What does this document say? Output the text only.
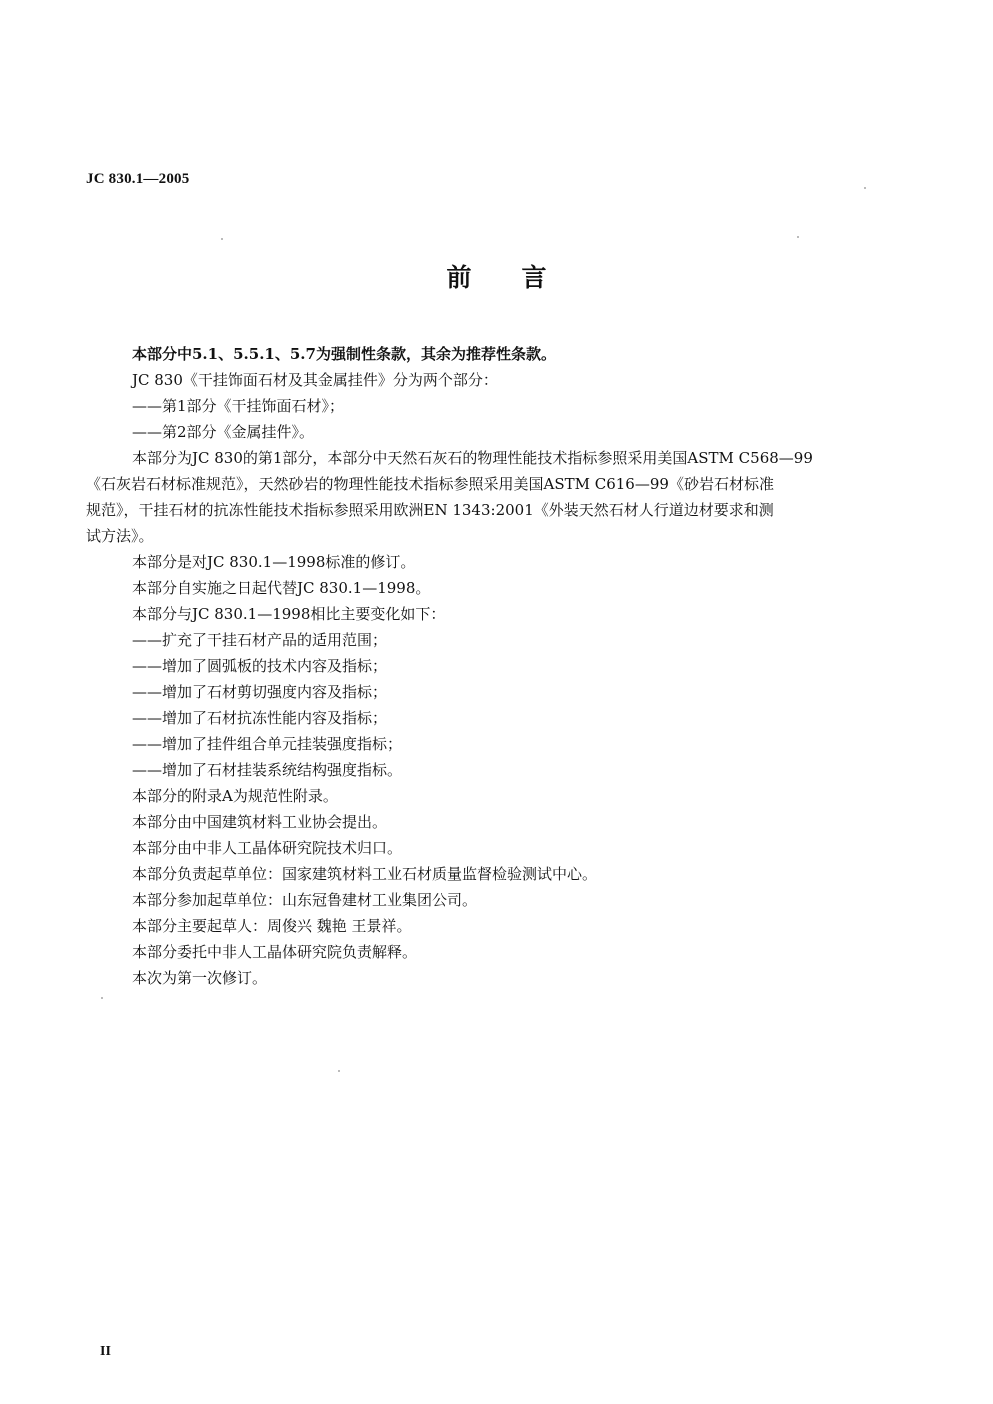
JC 830.1—2005
前言

本部分中5.1、5.5.1、5.7为强制性条款，其余为推荐性条款。

JC 830《干挂饰面石材及其金属挂件》分为两个部分：

——第1部分《干挂饰面石材》；

——第2部分《金属挂件》。

本部分为JC 830的第1部分，本部分中天然石灰石的物理性能技术指标参照采用美国ASTM C568—99
《石灰岩石材标准规范》，天然砂岩的物理性能技术指标参照采用美国ASTM C616—99《砂岩石材标准
规范》，干挂石材的抗冻性能技术指标参照采用欧洲EN 1343:2001《外装天然石材人行道边材要求和测
试方法》。

本部分是对JC 830.1—1998标准的修订。

本部分自实施之日起代替JC 830.1—1998。

本部分与JC 830.1—1998相比主要变化如下：

——扩充了干挂石材产品的适用范围；

——增加了圆弧板的技术内容及指标；

——增加了石材剪切强度内容及指标；

——增加了石材抗冻性能内容及指标；

——增加了挂件组合单元挂装强度指标；

——增加了石材挂装系统结构强度指标。

本部分的附录A为规范性附录。

本部分由中国建筑材料工业协会提出。

本部分由中非人工晶体研究院技术归口。

本部分负责起草单位：国家建筑材料工业石材质量监督检验测试中心。

本部分参加起草单位：山东冠鲁建材工业集团公司。

本部分主要起草人：周俊兴 魏艳 王景祥。

本部分委托中非人工晶体研究院负责解释。

本次为第一次修订。

II
